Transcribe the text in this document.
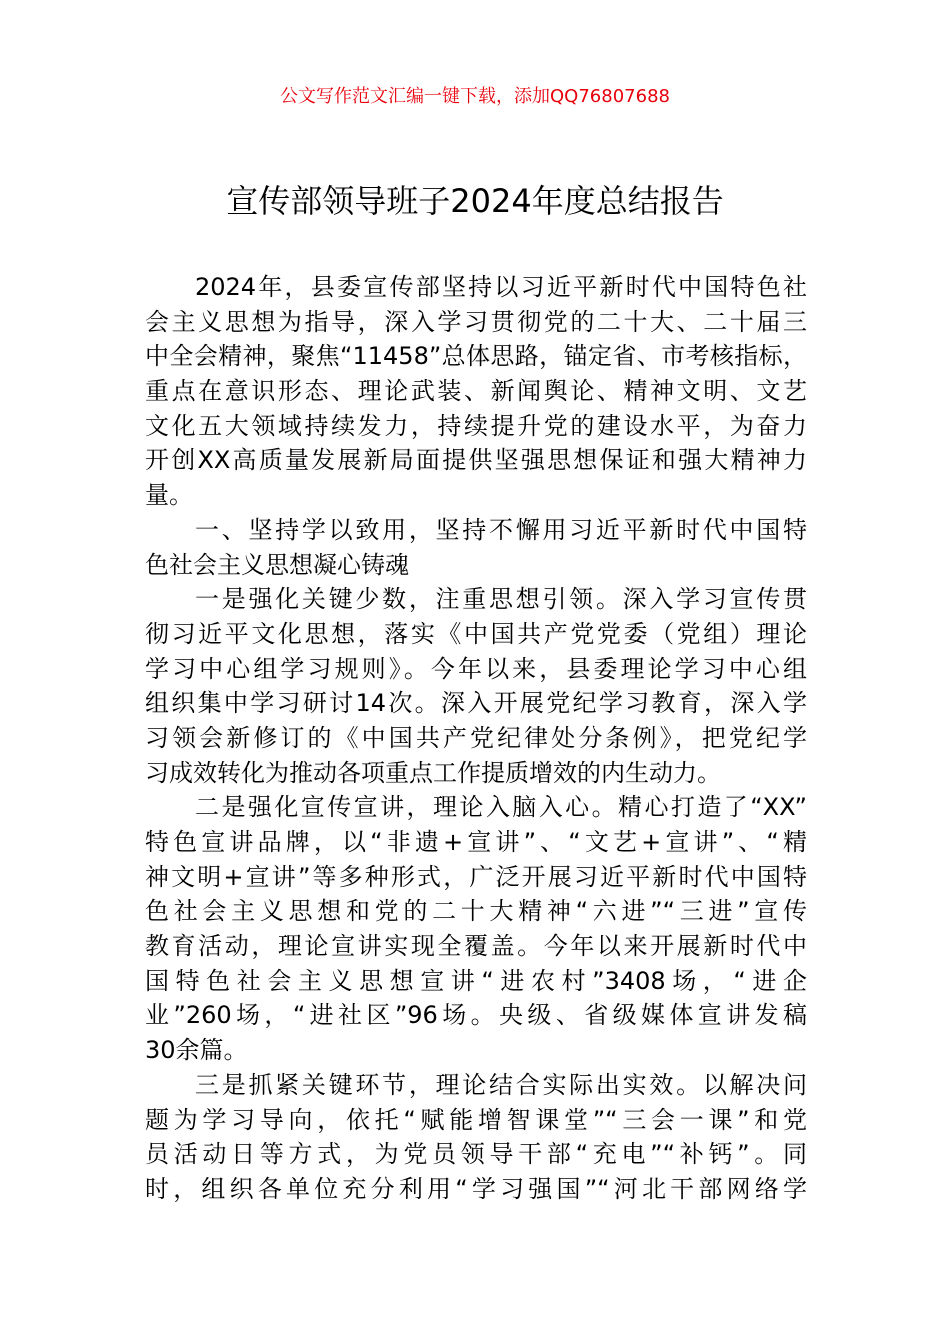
公文写作范文汇编一键下载，添加QQ76807688
宣传部领导班子2024年度总结报告
2024年，县委宣传部坚持以习近平新时代中国特色社
会主义思想为指导，深入学习贯彻党的二十大、二十届三
中全会精神，聚焦“11458”总体思路，锚定省、市考核指标，
重点在意识形态、理论武装、新闻舆论、精神文明、文艺
文化五大领域持续发力，持续提升党的建设水平，为奋力
开创XX高质量发展新局面提供坚强思想保证和强大精神力
量。
一、坚持学以致用，坚持不懈用习近平新时代中国特
色社会主义思想凝心铸魂
一是强化关键少数，注重思想引领。深入学习宣传贯
彻习近平文化思想，落实《中国共产党党委（党组）理论
学习中心组学习规则》。今年以来，县委理论学习中心组
组织集中学习研讨14次。深入开展党纪学习教育，深入学
习领会新修订的《中国共产党纪律处分条例》，把党纪学
习成效转化为推动各项重点工作提质增效的内生动力。
二是强化宣传宣讲，理论入脑入心。精心打造了“XX”
特色宣讲品牌，以“非遗+宣讲”、“文艺+宣讲”、“精
神文明+宣讲”等多种形式，广泛开展习近平新时代中国特
色社会主义思想和党的二十大精神“六进”“三进”宣传
教育活动，理论宣讲实现全覆盖。今年以来开展新时代中
国特色社会主义思想宣讲“进农村”3408场，“进企
业”260场，“进社区”96场。央级、省级媒体宣讲发稿
30余篇。
三是抓紧关键环节，理论结合实际出实效。以解决问
题为学习导向，依托“赋能增智课堂”“三会一课”和党
员活动日等方式，为党员领导干部“充电”“补钙”。同
时，组织各单位充分利用“学习强国”“河北干部网络学
